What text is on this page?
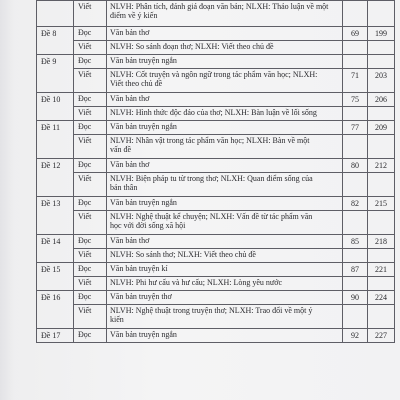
	Viết	NLVH: Phân tích, đánh giá đoạn văn bản; NLXH: Thảo luận về một
điểm về ý kiến		

Đề 8	Đọc	Văn bản thơ	69	199
	Viết	NLVH: So sánh đoạn thơ; NLXH: Viết theo chủ đề		

Đề 9	Đọc	Văn bản truyện ngắn		

	Viết	NLVH: Cốt truyện và ngôn ngữ trong tác phẩm văn học; NLXH:
Viết theo chủ đề	71	203
Đề 10	Đọc	Văn bản thơ	75	206
	Viết	NLVH: Hình thức độc đáo của thơ; NLXH: Bàn luận về lối sống		

Đề 11	Đọc	Văn bản truyện ngắn	77	209
	Viết	NLVH: Nhân vật trong tác phẩm văn học; NLXH: Bàn về một
vấn đề		

Đề 12	Đọc	Văn bản thơ	80	212
	Viết	NLVH: Biện pháp tu từ trong thơ; NLXH: Quan điểm sống của
bản thân		

Đề 13	Đọc	Văn bản truyện ngắn	82	215
	Viết	NLVH: Nghệ thuật kể chuyện; NLXH: Vấn đề từ tác phẩm văn
học với đời sống xã hội		

Đề 14	Đọc	Văn bản thơ	85	218
	Viết	NLVH: So sánh thơ; NLXH: Viết theo chủ đề		

Đề 15	Đọc	Văn bản truyện kí	87	221
	Viết	NLVH: Phi hư cấu và hư cấu; NLXH: Lòng yêu nước		

Đề 16	Đọc	Văn bản truyện thơ	90	224
	Viết	NLVH: Nghệ thuật trong truyện thơ; NLXH: Trao đổi về một ý
kiến		

Đề 17	Đọc	Văn bản truyện ngắn	92	227
